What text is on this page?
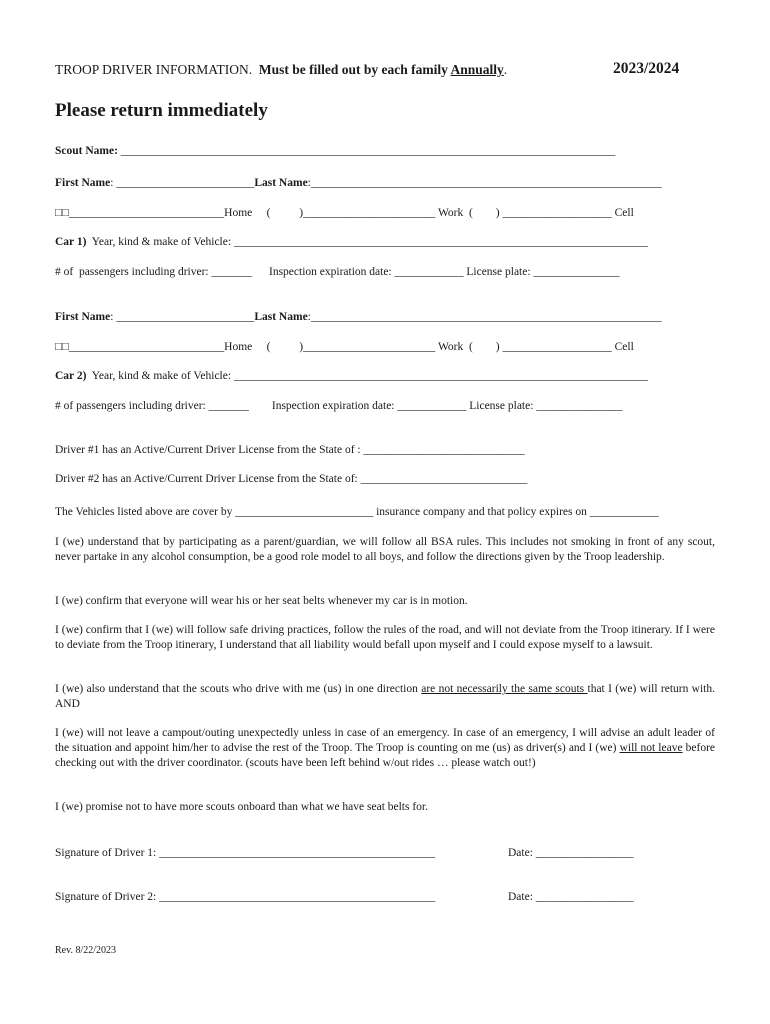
TROOP DRIVER INFORMATION.  Must be filled out by each family Annually.	2023/2024
Please return immediately
Scout Name: ______________________________________________________________________________________
First Name: ________________________Last Name:_____________________________________________________________
□□___________________________Home     (          )_______________________ Work  (        ) ___________________ Cell
Car 1)  Year, kind & make of Vehicle: ________________________________________________________________________
# of  passengers including driver: _______      Inspection expiration date: ____________ License plate: _______________
First Name: ________________________Last Name:_____________________________________________________________
□□___________________________Home     (          )_______________________ Work  (        ) ___________________ Cell
Car 2)  Year, kind & make of Vehicle: ________________________________________________________________________
# of passengers including driver: _______        Inspection expiration date: ____________ License plate: _______________
Driver #1 has an Active/Current Driver License from the State of : ____________________________
Driver #2 has an Active/Current Driver License from the State of: _____________________________
The Vehicles listed above are cover by ________________________ insurance company and that policy expires on ____________
I (we) understand that by participating as a parent/guardian, we will follow all BSA rules. This includes not smoking in front of any scout, never partake in any alcohol consumption, be a good role model to all boys, and follow the directions given by the Troop leadership.
I (we) confirm that everyone will wear his or her seat belts whenever my car is in motion.
I (we) confirm that I (we) will follow safe driving practices, follow the rules of the road, and will not deviate from the Troop itinerary. If I were to deviate from the Troop itinerary, I understand that all liability would befall upon myself and I could expose myself to a lawsuit.
I (we) also understand that the scouts who drive with me (us) in one direction are not necessarily the same scouts that I (we) will return with. AND
I (we) will not leave a campout/outing unexpectedly unless in case of an emergency. In case of an emergency, I will advise an adult leader of the situation and appoint him/her to advise the rest of the Troop. The Troop is counting on me (us) as driver(s) and I (we) will not leave before checking out with the driver coordinator. (scouts have been left behind w/out rides … please watch out!)
I (we) promise not to have more scouts onboard than what we have seat belts for.
Signature of Driver 1: ________________________________________________	Date: _________________
Signature of Driver 2: ________________________________________________	Date: _________________
Rev. 8/22/2023
